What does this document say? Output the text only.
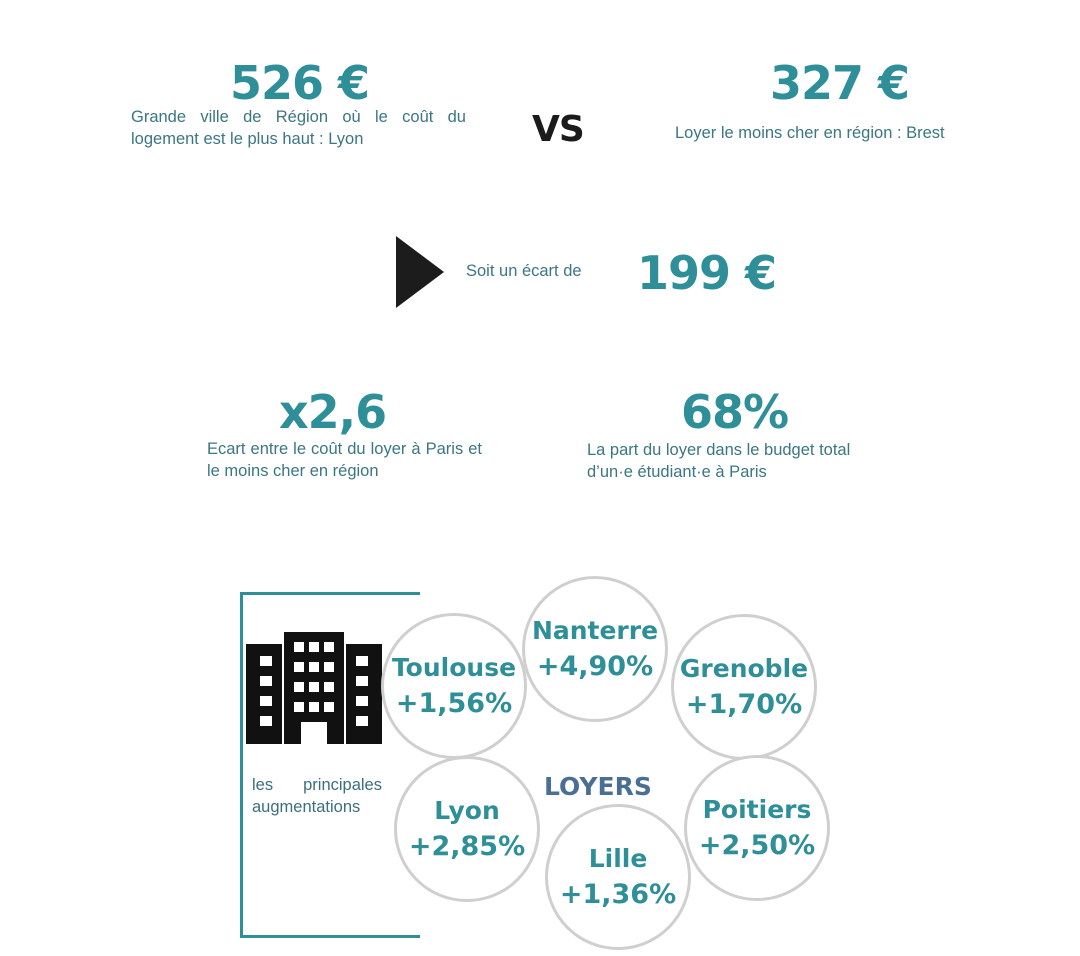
526 €
Grande ville de Région où le coût du logement est le plus haut : Lyon	VS
327 €
Loyer le moins cher en région : Brest
Soit un écart de 199 €
x2,6
Ecart entre le coût du loyer à Paris et le moins cher en région
68%
La part du loyer dans le budget total d’un·e étudiant·e à Paris
les principales augmentations
LOYERS
Toulouse
+1,56%
Nanterre
+4,90% Grenoble
+1,70%
Lyon
+2,85%	Lille
+1,36%
Poitiers
+2,50%
